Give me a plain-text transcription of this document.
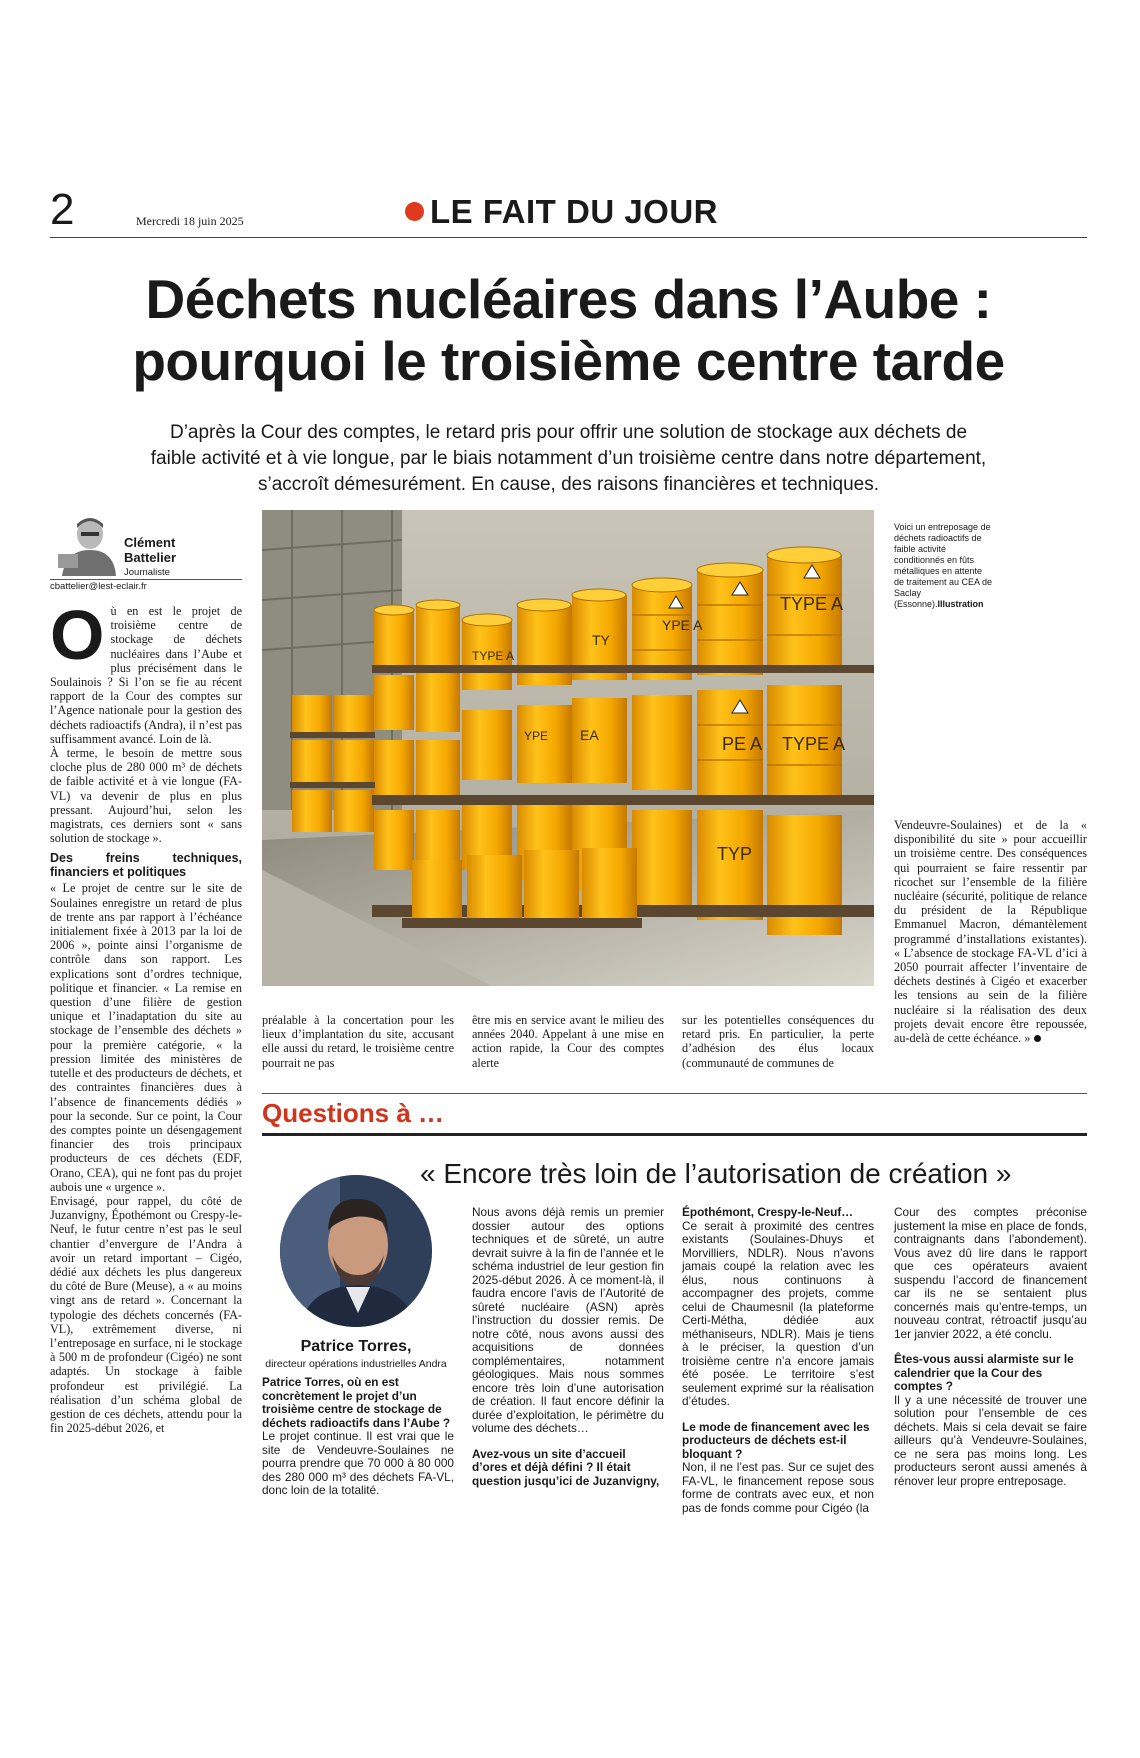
2	Mercredi 18 juin 2025	LE FAIT DU JOUR
Déchets nucléaires dans l’Aube :
pourquoi le troisième centre tarde
D’après la Cour des comptes, le retard pris pour offrir une solution de stockage aux déchets de faible activité et à vie longue, par le biais notamment d’un troisième centre dans notre département, s’accroît démesurément. En cause, des raisons financières et techniques.
Clément
Battelier
Journaliste
cbattelier@lest-eclair.fr
O ù en est le projet de troisième centre de stockage de déchets nucléaires dans l’Aube et plus précisément dans le Soulainois ? Si l’on se fie au récent rapport de la Cour des comptes sur l’Agence nationale pour la gestion des déchets radioactifs (Andra), il n’est pas suffisamment avancé. Loin de là.

À terme, le besoin de mettre sous cloche plus de 280 000 m³ de déchets de faible activité et à vie longue (FA-VL) va devenir de plus en plus pressant. Aujourd’hui, selon les magistrats, ces derniers sont « sans solution de stockage ».

Des freins techniques, financiers et politiques

« Le projet de centre sur le site de Soulaines enregistre un retard de plus de trente ans par rapport à l’échéance initialement fixée à 2013 par la loi de 2006 », pointe ainsi l’organisme de contrôle dans son rapport. Les explications sont d’ordres technique, politique et financier. « La remise en question d’une filière de gestion unique et l’inadaptation du site au stockage de l’ensemble des déchets » pour la première catégorie, « la pression limitée des ministères de tutelle et des producteurs de déchets, et des contraintes financières dues à l’absence de financements dédiés » pour la seconde. Sur ce point, la Cour des comptes pointe un désengagement financier des trois principaux producteurs de ces déchets (EDF, Orano, CEA), qui ne font pas du projet aubois une « urgence ».

Envisagé, pour rappel, du côté de Juzanvigny, Épothémont ou Crespy-le-Neuf, le futur centre n’est pas le seul chantier d’envergure de l’Andra à avoir un retard important – Cigéo, dédié aux déchets les plus dangereux du côté de Bure (Meuse), a « au moins vingt ans de retard ». Concernant la typologie des déchets concernés (FA-VL), extrêmement diverse, ni l’entreposage en surface, ni le stockage à 500 m de profondeur (Cigéo) ne sont adaptés. Un stockage à faible profondeur est privilégié. La réalisation d’un schéma global de gestion de ces déchets, attendu pour la fin 2025-début 2026, et

TYPE A
YPE A
PE A TYPE A
TYPE A
TYP
EA
YPE
TY
Voici un entreposage de déchets radioactifs de faible activité conditionnés en fûts métalliques en attente de traitement au CEA de Saclay (Essonne).Illustration
préalable à la concertation pour les lieux d’implantation du site, accusant elle aussi du retard, le troisième centre pourrait ne pas
être mis en service avant le milieu des années 2040. Appelant à une mise en action rapide, la Cour des comptes alerte
sur les potentielles conséquences du retard pris. En particulier, la perte d’adhésion des élus locaux (communauté de communes de
Vendeuvre-Soulaines) et de la « disponibilité du site » pour accueillir un troisième centre. Des conséquences qui pourraient se faire ressentir par ricochet sur l’ensemble de la filière nucléaire (sécurité, politique de relance du président de la République Emmanuel Macron, démantèlement programmé d’installations existantes). « L’absence de stockage FA-VL d’ici à 2050 pourrait affecter l’inventaire de déchets destinés à Cigéo et exacerber les tensions au sein de la filière nucléaire si la réalisation des deux projets devait encore être repoussée, au-delà de cette échéance. »
Questions à …
« Encore très loin de l’autorisation de création »
Patrice Torres,
directeur opérations industrielles Andra
Patrice Torres, où en est concrètement le projet d’un troisième centre de stockage de déchets radioactifs dans l’Aube ?
Le projet continue. Il est vrai que le site de Vendeuvre-Soulaines ne pourra prendre que 70 000 à 80 000 des 280 000 m³ des déchets FA-VL, donc loin de la totalité.
Nous avons déjà remis un premier dossier autour des options techniques et de sûreté, un autre devrait suivre à la fin de l’année et le schéma industriel de leur gestion fin 2025-début 2026. À ce moment-là, il faudra encore l’avis de l’Autorité de sûreté nucléaire (ASN) après l’instruction du dossier remis. De notre côté, nous avons aussi des acquisitions de données complémentaires, notamment géologiques. Mais nous sommes encore très loin d’une autorisation de création. Il faut encore définir la durée d’exploitation, le périmètre du volume des déchets…
Avez-vous un site d’accueil d’ores et déjà défini ? Il était question jusqu’ici de Juzanvigny,
Épothémont, Crespy-le-Neuf…
Ce serait à proximité des centres existants (Soulaines-Dhuys et Morvilliers, NDLR). Nous n’avons jamais coupé la relation avec les élus, nous continuons à accompagner des projets, comme celui de Chaumesnil (la plateforme Certi-Métha, dédiée aux méthaniseurs, NDLR). Mais je tiens à le préciser, la question d’un troisième centre n’a encore jamais été posée. Le territoire s’est seulement exprimé sur la réalisation d’études.
Le mode de financement avec les producteurs de déchets est-il bloquant ?
Non, il ne l’est pas. Sur ce sujet des FA-VL, le financement repose sous forme de contrats avec eux, et non pas de fonds comme pour Cigéo (la
Cour des comptes préconise justement la mise en place de fonds, contraignants dans l’abondement). Vous avez dû lire dans le rapport que ces opérateurs avaient suspendu l’accord de financement car ils ne se sentaient plus concernés mais qu’entre-temps, un nouveau contrat, rétroactif jusqu’au 1er janvier 2022, a été conclu.
Êtes-vous aussi alarmiste sur le calendrier que la Cour des comptes ?
Il y a une nécessité de trouver une solution pour l’ensemble de ces déchets. Mais si cela devait se faire ailleurs qu’à Vendeuvre-Soulaines, ce ne sera pas moins long. Les producteurs seront aussi amenés à rénover leur propre entreposage.
